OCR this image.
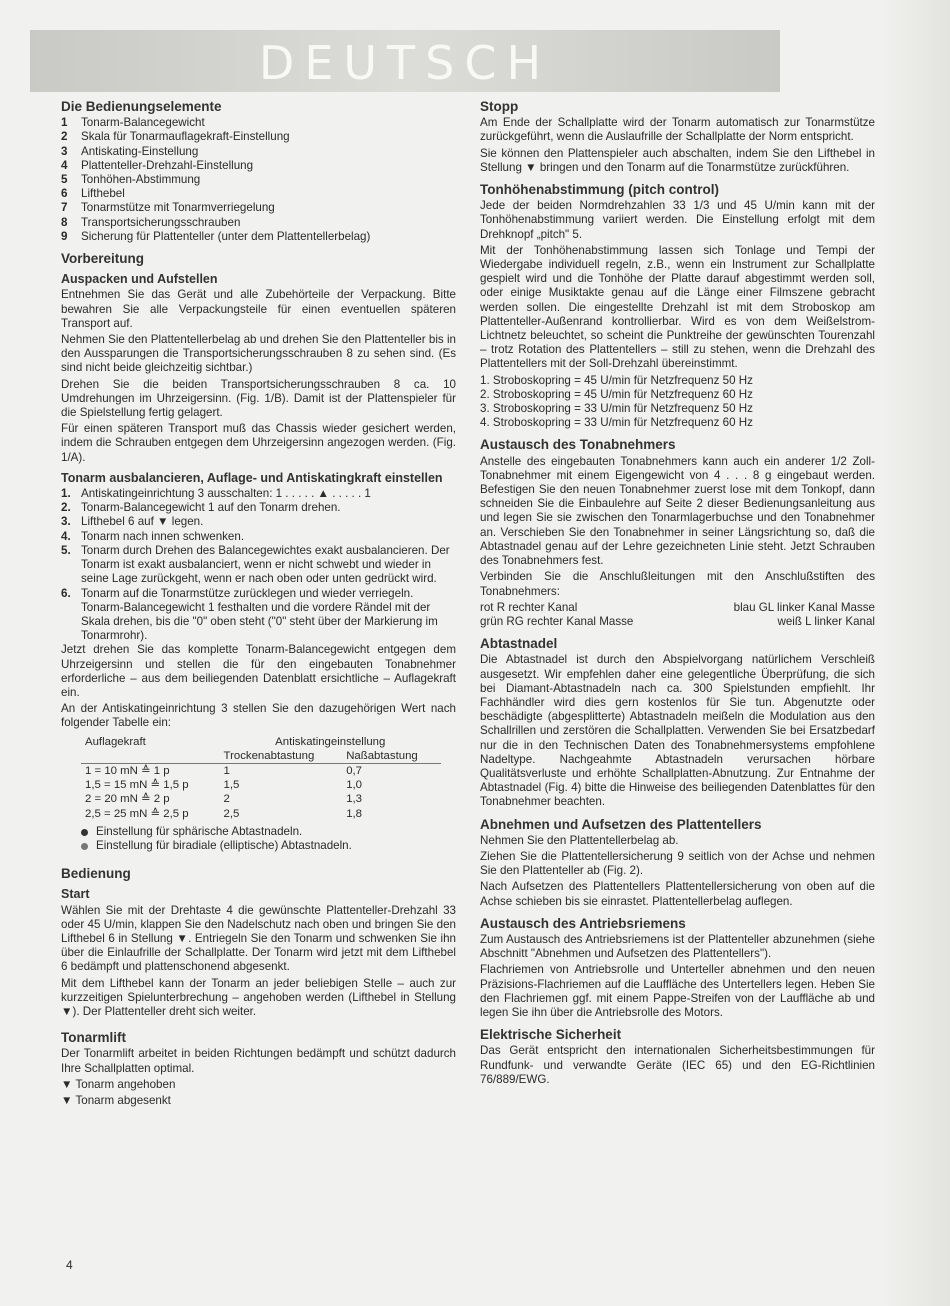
DEUTSCH
Die Bedienungselemente
1	Tonarm-Balancegewicht
2	Skala für Tonarmauflagekraft-Einstellung
3	Antiskating-Einstellung
4	Plattenteller-Drehzahl-Einstellung
5	Tonhöhen-Abstimmung
6	Lifthebel
7	Tonarmstütze mit Tonarmverriegelung
8	Transportsicherungsschrauben
9	Sicherung für Plattenteller (unter dem Plattentellerbelag)
Vorbereitung
Auspacken und Aufstellen

Entnehmen Sie das Gerät und alle Zubehörteile der Verpackung. Bitte bewahren Sie alle Verpackungsteile für einen eventuellen späteren Transport auf.

Nehmen Sie den Plattentellerbelag ab und drehen Sie den Plattenteller bis in den Aussparungen die Transportsicherungsschrauben 8 zu sehen sind. (Es sind nicht beide gleichzeitig sichtbar.)

Drehen Sie die beiden Transportsicherungsschrauben 8 ca. 10 Umdrehungen im Uhrzeigersinn. (Fig. 1/B). Damit ist der Plattenspieler für die Spielstellung fertig gelagert.

Für einen späteren Transport muß das Chassis wieder gesichert werden, indem die Schrauben entgegen dem Uhrzeigersinn angezogen werden. (Fig. 1/A).

Tonarm ausbalancieren, Auflage- und Antiskatingkraft einstellen
1. Antiskatingeinrichtung 3 ausschalten: 1 . . . . . ▲ . . . . . 1
2. Tonarm-Balancegewicht 1 auf den Tonarm drehen.
3. Lifthebel 6 auf ▼ legen.
4. Tonarm nach innen schwenken.
5. Tonarm durch Drehen des Balancegewichtes exakt ausbalancieren. Der Tonarm ist exakt ausbalanciert, wenn er nicht schwebt und wieder in seine Lage zurückgeht, wenn er nach oben oder unten gedrückt wird.
6. Tonarm auf die Tonarmstütze zurücklegen und wieder verriegeln. Tonarm-Balancegewicht 1 festhalten und die vordere Rändel mit der Skala drehen, bis die "0" oben steht ("0" steht über der Markierung im Tonarmrohr).

Jetzt drehen Sie das komplette Tonarm-Balancegewicht entgegen dem Uhrzeigersinn und stellen die für den eingebauten Tonabnehmer erforderliche – aus dem beiliegenden Datenblatt ersichtliche – Auflagekraft ein.

An der Antiskatingeinrichtung 3 stellen Sie den dazugehörigen Wert nach folgender Tabelle ein:

Auflagekraft	Antiskatingeinstellung	
	Trockenabtastung	Naßabtastung
1 = 10 mN ≙ 1 p	1	0,7
1,5 = 15 mN ≙ 1,5 p	1,5	1,0
2 = 20 mN ≙ 2 p	2	1,3
2,5 = 25 mN ≙ 2,5 p	2,5	1,8
Einstellung für sphärische Abtastnadeln.
Einstellung für biradiale (elliptische) Abtastnadeln.
Bedienung
Start

Wählen Sie mit der Drehtaste 4 die gewünschte Plattenteller-Drehzahl 33 oder 45 U/min, klappen Sie den Nadelschutz nach oben und bringen Sie den Lifthebel 6 in Stellung ▼. Entriegeln Sie den Tonarm und schwenken Sie ihn über die Einlaufrille der Schallplatte. Der Tonarm wird jetzt mit dem Lifthebel 6 bedämpft und plattenschonend abgesenkt.

Mit dem Lifthebel kann der Tonarm an jeder beliebigen Stelle – auch zur kurzzeitigen Spielunterbrechung – angehoben werden (Lifthebel in Stellung ▼). Der Plattenteller dreht sich weiter.

Tonarmlift

Der Tonarmlift arbeitet in beiden Richtungen bedämpft und schützt dadurch Ihre Schallplatten optimal.

▼ Tonarm angehoben

▼ Tonarm abgesenkt

Stopp

Am Ende der Schallplatte wird der Tonarm automatisch zur Tonarmstütze zurückgeführt, wenn die Auslaufrille der Schallplatte der Norm entspricht.

Sie können den Plattenspieler auch abschalten, indem Sie den Lifthebel in Stellung ▼ bringen und den Tonarm auf die Tonarmstütze zurückführen.

Tonhöhenabstimmung (pitch control)

Jede der beiden Normdrehzahlen 33 1/3 und 45 U/min kann mit der Tonhöhenabstimmung variiert werden. Die Einstellung erfolgt mit dem Drehknopf „pitch" 5.

Mit der Tonhöhenabstimmung lassen sich Tonlage und Tempi der Wiedergabe individuell regeln, z.B., wenn ein Instrument zur Schallplatte gespielt wird und die Tonhöhe der Platte darauf abgestimmt werden soll, oder einige Musiktakte genau auf die Länge einer Filmszene gebracht werden sollen. Die eingestellte Drehzahl ist mit dem Stroboskop am Plattenteller-Außenrand kontrollierbar. Wird es von dem Weißelstrom-Lichtnetz beleuchtet, so scheint die Punktreihe der gewünschten Tourenzahl – trotz Rotation des Plattentellers – still zu stehen, wenn die Drehzahl des Plattentellers mit der Soll-Drehzahl übereinstimmt.

1. Stroboskopring = 45 U/min für Netzfrequenz 50 Hz
2. Stroboskopring = 45 U/min für Netzfrequenz 60 Hz
3. Stroboskopring = 33 U/min für Netzfrequenz 50 Hz
4. Stroboskopring = 33 U/min für Netzfrequenz 60 Hz
Austausch des Tonabnehmers

Anstelle des eingebauten Tonabnehmers kann auch ein anderer 1/2 Zoll-Tonabnehmer mit einem Eigengewicht von 4 . . . 8 g eingebaut werden. Befestigen Sie den neuen Tonabnehmer zuerst lose mit dem Tonkopf, dann schneiden Sie die Einbaulehre auf Seite 2 dieser Bedienungsanleitung aus und legen Sie sie zwischen den Tonarmlagerbuchse und den Tonabnehmer an. Verschieben Sie den Tonabnehmer in seiner Längsrichtung so, daß die Abtastnadel genau auf der Lehre gezeichneten Linie steht. Jetzt Schrauben des Tonabnehmers fest.

Verbinden Sie die Anschlußleitungen mit den Anschlußstiften des Tonabnehmers:

rot R rechter Kanal	blau GL linker Kanal Masse
grün RG rechter Kanal Masse	weiß L linker Kanal
Abtastnadel

Die Abtastnadel ist durch den Abspielvorgang natürlichem Verschleiß ausgesetzt. Wir empfehlen daher eine gelegentliche Überprüfung, die sich bei Diamant-Abtastnadeln nach ca. 300 Spielstunden empfiehlt. Ihr Fachhändler wird dies gern kostenlos für Sie tun. Abgenutzte oder beschädigte (abgesplitterte) Abtastnadeln meißeln die Modulation aus den Schallrillen und zerstören die Schallplatten. Verwenden Sie bei Ersatzbedarf nur die in den Technischen Daten des Tonabnehmersystems empfohlene Nadeltype. Nachgeahmte Abtastnadeln verursachen hörbare Qualitätsverluste und erhöhte Schallplatten-Abnutzung. Zur Entnahme der Abtastnadel (Fig. 4) bitte die Hinweise des beiliegenden Datenblattes für den Tonabnehmer beachten.

Abnehmen und Aufsetzen des Plattentellers

Nehmen Sie den Plattentellerbelag ab.

Ziehen Sie die Plattentellersicherung 9 seitlich von der Achse und nehmen Sie den Plattenteller ab (Fig. 2).

Nach Aufsetzen des Plattentellers Plattentellersicherung von oben auf die Achse schieben bis sie einrastet. Plattentellerbelag auflegen.

Austausch des Antriebsriemens

Zum Austausch des Antriebsriemens ist der Plattenteller abzunehmen (siehe Abschnitt "Abnehmen und Aufsetzen des Plattentellers").

Flachriemen von Antriebsrolle und Unterteller abnehmen und den neuen Präzisions-Flachriemen auf die Lauffläche des Untertellers legen. Heben Sie den Flachriemen ggf. mit einem Pappe-Streifen von der Lauffläche ab und legen Sie ihn über die Antriebsrolle des Motors.

Elektrische Sicherheit

Das Gerät entspricht den internationalen Sicherheitsbestimmungen für Rundfunk- und verwandte Geräte (IEC 65) und den EG-Richtlinien 76/889/EWG.

4
